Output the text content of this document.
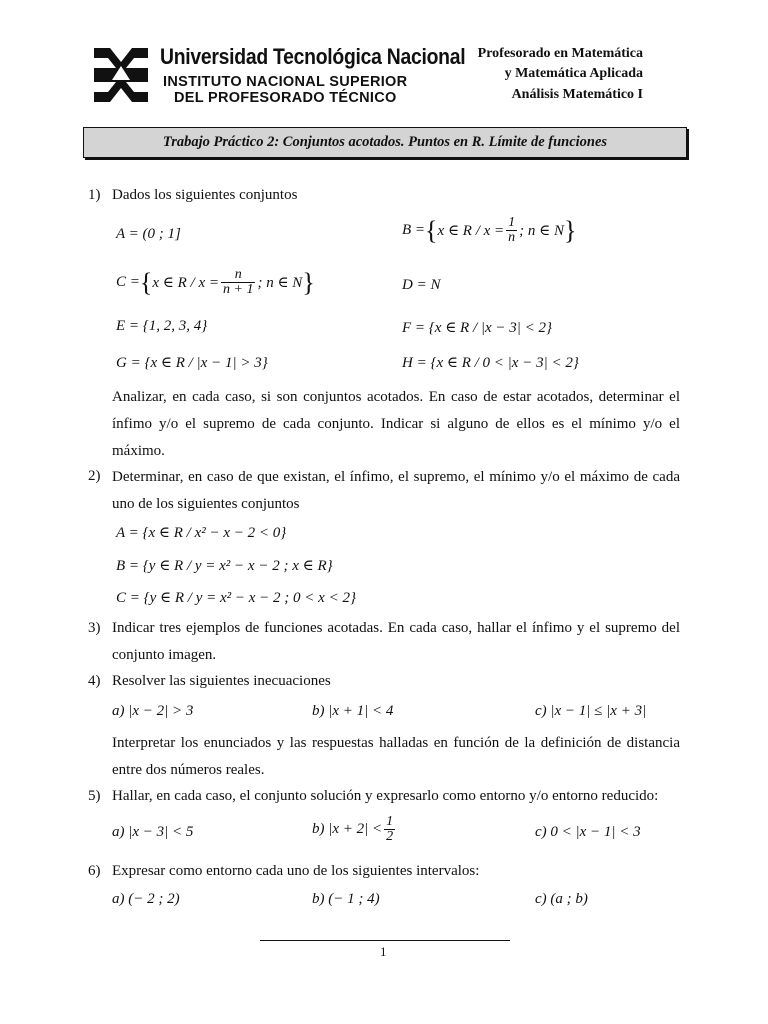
Universidad Tecnológica Nacional
INSTITUTO NACIONAL SUPERIOR
DEL PROFESORADO TÉCNICO
Profesorado en Matemática
y Matemática Aplicada
Análisis Matemático I
Trabajo Práctico 2: Conjuntos acotados. Puntos en R. Límite de funciones
1) Dados los siguientes conjuntos
A = (0 ; 1]	B = { x ∈ $R / x = \frac{1}{n}$ ; n ∈ N }
C = { x ∈ $R / x = \frac{n}{n + 1}$ ; n ∈ N }	D = N
E = {1, 2, 3, 4}	F = {x ∈ R / |x − 3| < 2}
G = {x ∈ R / |x − 1| > 3}	H = {x ∈ R / 0 < |x − 3| < 2}
Analizar, en cada caso, si son conjuntos acotados. En caso de estar acotados, determinar el ínfimo y/o el supremo de cada conjunto. Indicar si alguno de ellos es el mínimo y/o el máximo.
2) Determinar, en caso de que existan, el ínfimo, el supremo, el mínimo y/o el máximo de cada uno de los siguientes conjuntos
A = {x ∈ R / x² − x − 2 < 0}
B = {y ∈ R / y = x² − x − 2 ; x ∈ R}
C = {y ∈ R / y = x² − x − 2 ; 0 < x < 2}
3) Indicar tres ejemplos de funciones acotadas. En cada caso, hallar el ínfimo y el supremo del conjunto imagen.
4) Resolver las siguientes inecuaciones
a) |x − 2| > 3	b) |x + 1| < 4	c) |x − 1| ≤ |x + 3|
Interpretar los enunciados y las respuestas halladas en función de la definición de distancia entre dos números reales.
5) Hallar, en cada caso, el conjunto solución y expresarlo como entorno y/o entorno reducido:
a) |x − 3| < 5	b) $|x + 2| < \frac{1}{2}$	c) 0 < |x − 1| < 3
6) Expresar como entorno cada uno de los siguientes intervalos:
a) (− 2 ; 2)	b) (− 1 ; 4)	c) (a ; b)
1
